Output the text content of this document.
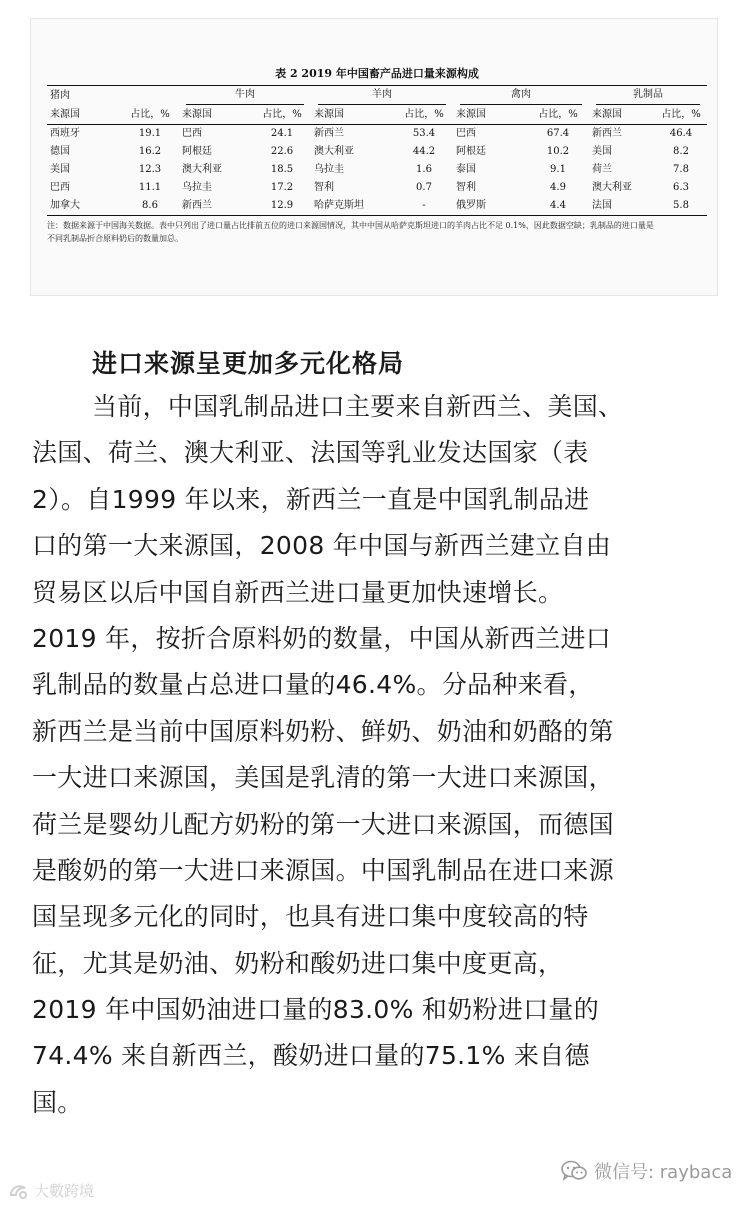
表 2 2019 年中国畜产品进口量来源构成
猪肉		牛肉		羊肉		禽肉		乳制品	

来源国	占比，%	来源国	占比，%	来源国	占比，%	来源国	占比，%	来源国	占比，%
西班牙	19.1	巴西	24.1	新西兰	53.4	巴西	67.4	新西兰	46.4
德国	16.2	阿根廷	22.6	澳大利亚	44.2	阿根廷	10.2	美国	8.2
美国	12.3	澳大利亚	18.5	乌拉圭	1.6	泰国	9.1	荷兰	7.8
巴西	11.1	乌拉圭	17.2	智利	0.7	智利	4.9	澳大利亚	6.3
加拿大	8.6	新西兰	12.9	哈萨克斯坦	-	俄罗斯	4.4	法国	5.8
注：数据来源于中国海关数据。表中只列出了进口量占比排前五位的进口来源国情况，其中中国从哈萨克斯坦进口的羊肉占比不足 0.1%，因此数据空缺；乳制品的进口量是
不同乳制品折合原料奶后的数量加总。
进口来源呈更加多元化格局
当前，中国乳制品进口主要来自新西兰、美国、
法国、荷兰、澳大利亚、法国等乳业发达国家（表
2）。自1999 年以来，新西兰一直是中国乳制品进
口的第一大来源国，2008 年中国与新西兰建立自由
贸易区以后中国自新西兰进口量更加快速增长。
2019 年，按折合原料奶的数量，中国从新西兰进口
乳制品的数量占总进口量的46.4%。分品种来看，
新西兰是当前中国原料奶粉、鲜奶、奶油和奶酪的第
一大进口来源国，美国是乳清的第一大进口来源国，
荷兰是婴幼儿配方奶粉的第一大进口来源国，而德国
是酸奶的第一大进口来源国。中国乳制品在进口来源
国呈现多元化的同时，也具有进口集中度较高的特
征，尤其是奶油、奶粉和酸奶进口集中度更高，
2019 年中国奶油进口量的83.0% 和奶粉进口量的
74.4% 来自新西兰，酸奶进口量的75.1% 来自德
国。
大數跨境
微信号: raybaca
